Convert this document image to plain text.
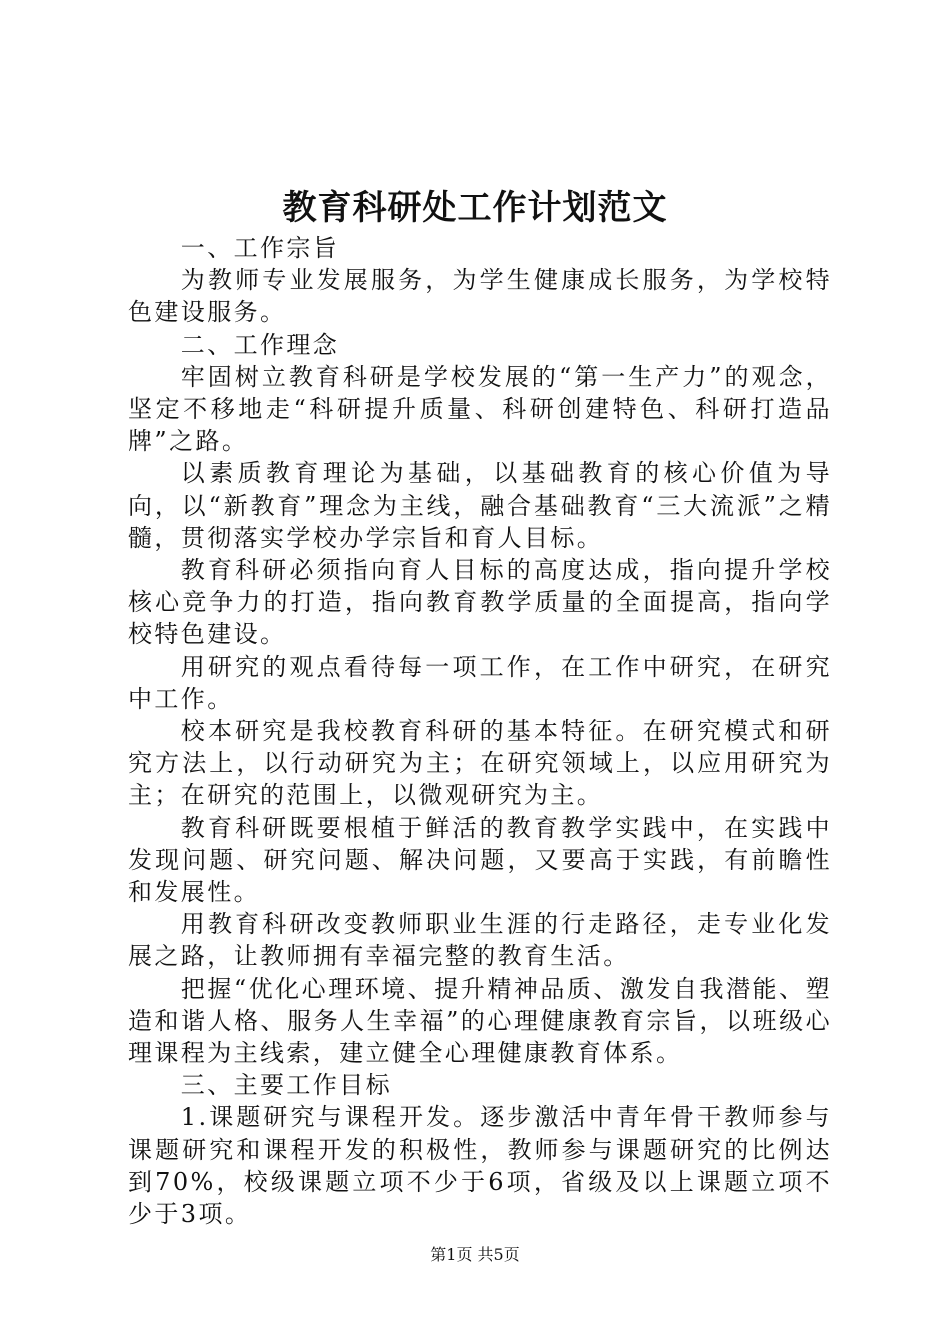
教育科研处工作计划范文

一、工作宗旨

为教师专业发展服务，为学生健康成长服务，为学校特色建设服务。

二、工作理念

牢固树立教育科研是学校发展的“第一生产力”的观念，坚定不移地走“科研提升质量、科研创建特色、科研打造品牌”之路。

以素质教育理论为基础，以基础教育的核心价值为导向，以“新教育”理念为主线，融合基础教育“三大流派”之精髓，贯彻落实学校办学宗旨和育人目标。

教育科研必须指向育人目标的高度达成，指向提升学校核心竞争力的打造，指向教育教学质量的全面提高，指向学校特色建设。

用研究的观点看待每一项工作，在工作中研究，在研究中工作。

校本研究是我校教育科研的基本特征。在研究模式和研究方法上，以行动研究为主；在研究领域上，以应用研究为主；在研究的范围上，以微观研究为主。

教育科研既要根植于鲜活的教育教学实践中，在实践中发现问题、研究问题、解决问题，又要高于实践，有前瞻性和发展性。

用教育科研改变教师职业生涯的行走路径，走专业化发展之路，让教师拥有幸福完整的教育生活。

把握“优化心理环境、提升精神品质、激发自我潜能、塑造和谐人格、服务人生幸福”的心理健康教育宗旨，以班级心理课程为主线索，建立健全心理健康教育体系。

三、主要工作目标

1.课题研究与课程开发。逐步激活中青年骨干教师参与课题研究和课程开发的积极性，教师参与课题研究的比例达到70%，校级课题立项不少于6项，省级及以上课题立项不少于3项。

第1页 共5页
